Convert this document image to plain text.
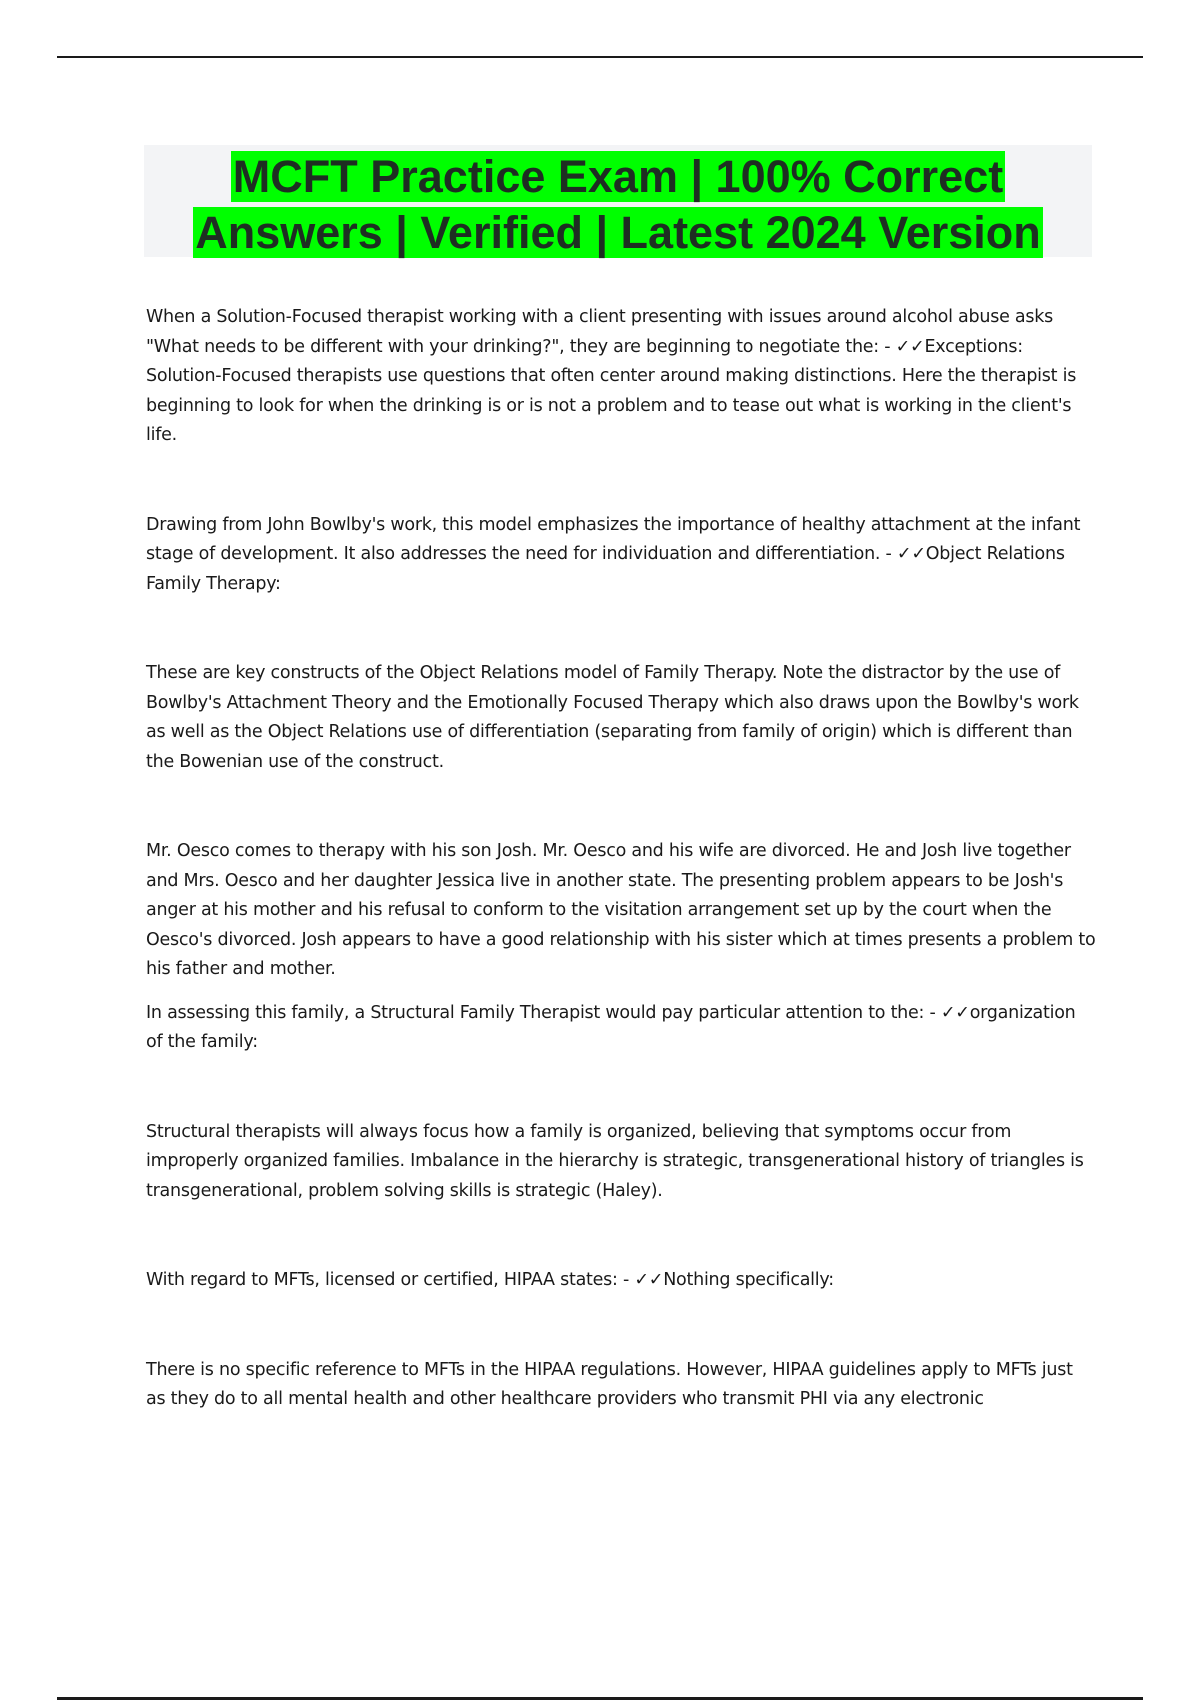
MCFT Practice Exam | 100% Correct
Answers | Verified | Latest 2024 Version

When a Solution-Focused therapist working with a client presenting with issues around alcohol abuse asks "What needs to be different with your drinking?", they are beginning to negotiate the: - ✓✓Exceptions: Solution-Focused therapists use questions that often center around making distinctions. Here the therapist is beginning to look for when the drinking is or is not a problem and to tease out what is working in the client's life.

Drawing from John Bowlby's work, this model emphasizes the importance of healthy attachment at the infant stage of development. It also addresses the need for individuation and differentiation. - ✓✓Object Relations Family Therapy:

These are key constructs of the Object Relations model of Family Therapy. Note the distractor by the use of Bowlby's Attachment Theory and the Emotionally Focused Therapy which also draws upon the Bowlby's work as well as the Object Relations use of differentiation (separating from family of origin) which is different than the Bowenian use of the construct.

Mr. Oesco comes to therapy with his son Josh. Mr. Oesco and his wife are divorced. He and Josh live together and Mrs. Oesco and her daughter Jessica live in another state. The presenting problem appears to be Josh's anger at his mother and his refusal to conform to the visitation arrangement set up by the court when the Oesco's divorced. Josh appears to have a good relationship with his sister which at times presents a problem to his father and mother.

In assessing this family, a Structural Family Therapist would pay particular attention to the: - ✓✓organization of the family:

Structural therapists will always focus how a family is organized, believing that symptoms occur from improperly organized families. Imbalance in the hierarchy is strategic, transgenerational history of triangles is transgenerational, problem solving skills is strategic (Haley).

With regard to MFTs, licensed or certified, HIPAA states: - ✓✓Nothing specifically:

There is no specific reference to MFTs in the HIPAA regulations. However, HIPAA guidelines apply to MFTs just as they do to all mental health and other healthcare providers who transmit PHI via any electronic
